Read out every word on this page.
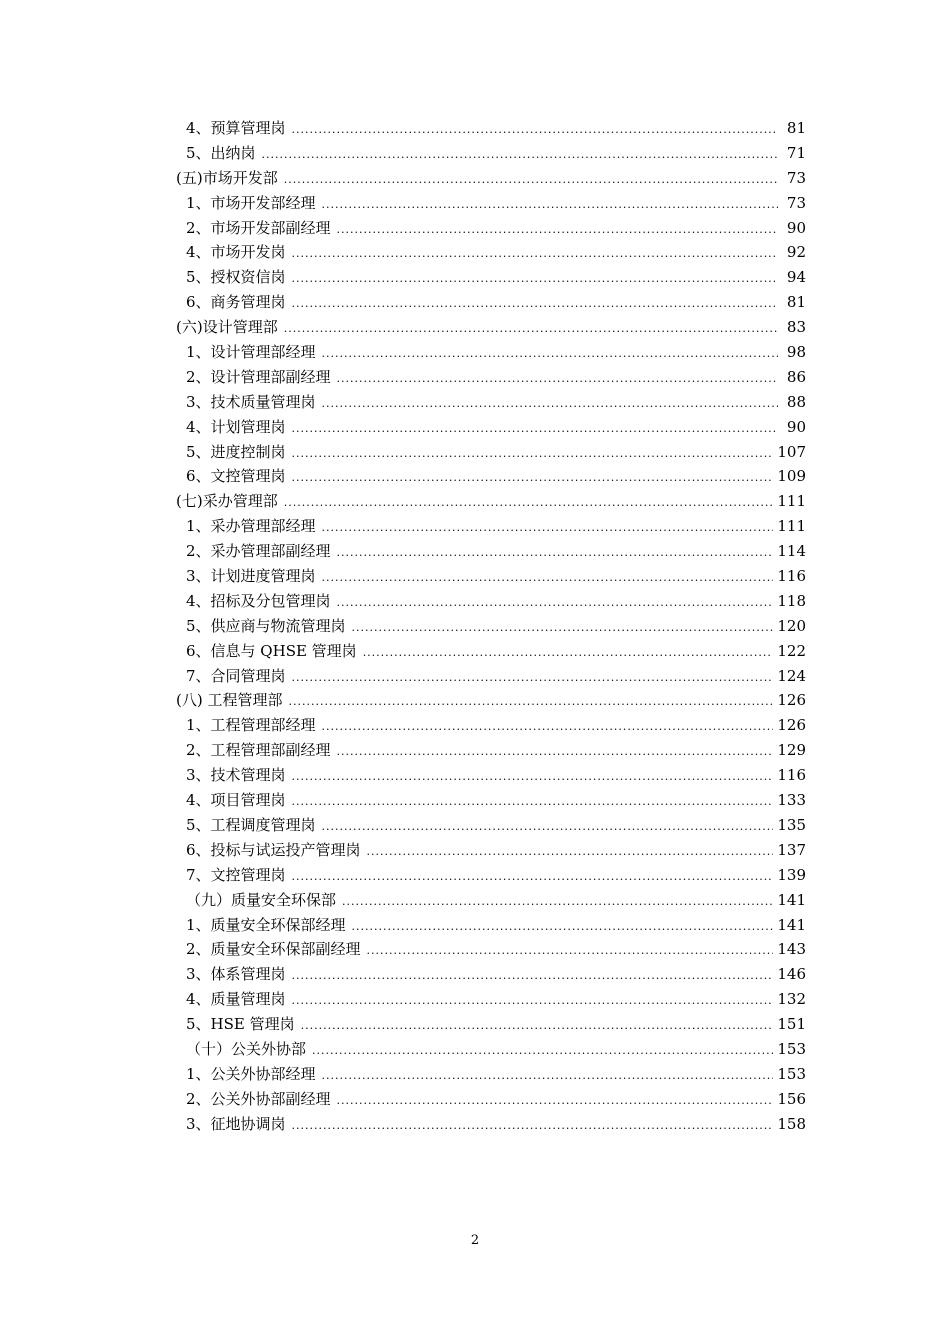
4、预算管理岗 .....	81
5、出纳岗 .....	71
(五)市场开发部 .....	73
1、市场开发部经理 .....	73
2、市场开发部副经理 .....	90
4、市场开发岗 .....	92
5、授权资信岗 .....	94
6、商务管理岗 .....	81
(六)设计管理部 .....	83
1、设计管理部经理 .....	98
2、设计管理部副经理 .....	86
3、技术质量管理岗 .....	88
4、计划管理岗 .....	90
5、进度控制岗 .....	107
6、文控管理岗 .....	109
(七)采办管理部 .....	111
1、采办管理部经理 .....	111
2、采办管理部副经理 .....	114
3、计划进度管理岗 .....	116
4、招标及分包管理岗 .....	118
5、供应商与物流管理岗 .....	120
6、信息与 QHSE 管理岗 .....	122
7、合同管理岗 .....	124
(八) 工程管理部 .....	126
1、工程管理部经理 .....	126
2、工程管理部副经理 .....	129
3、技术管理岗 .....	116
4、项目管理岗 .....	133
5、工程调度管理岗 .....	135
6、投标与试运投产管理岗 .....	137
7、文控管理岗 .....	139
（九）质量安全环保部 .....	141
1、质量安全环保部经理 .....	141
2、质量安全环保部副经理 .....	143
3、体系管理岗 .....	146
4、质量管理岗 .....	132
5、HSE 管理岗 .....	151
（十）公关外协部 .....	153
1、公关外协部经理 .....	153
2、公关外协部副经理 .....	156
3、征地协调岗 .....	158
2
